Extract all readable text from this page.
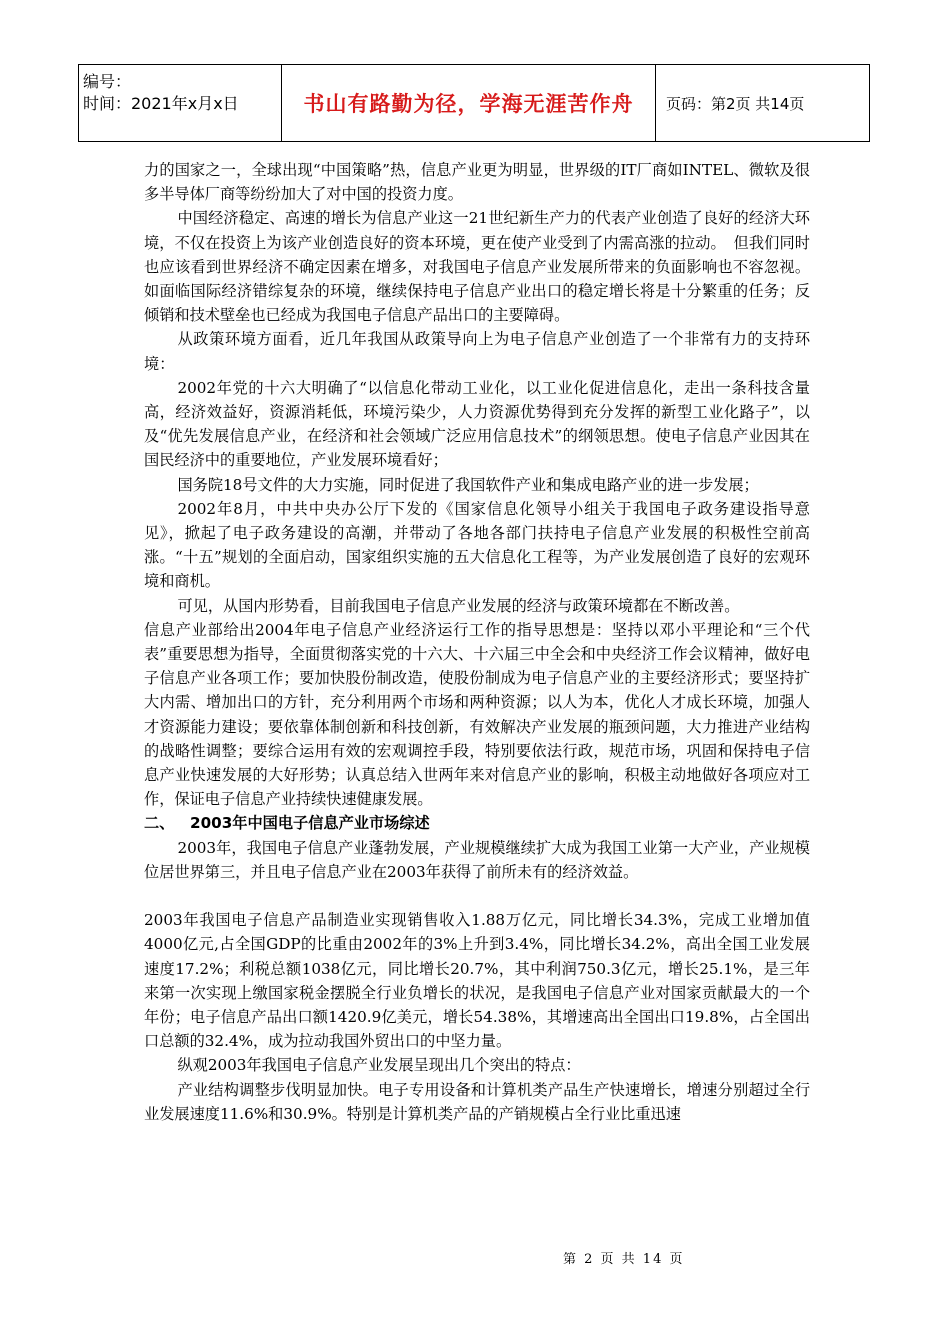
编号：
时间：2021年x月x日	书山有路勤为径，学海无涯苦作舟	页码：第2页 共14页

力的国家之一，全球出现“中国策略”热，信息产业更为明显，世界级的IT厂商如INTEL、微软及很多半导体厂商等纷纷加大了对中国的投资力度。

中国经济稳定、高速的增长为信息产业这一21世纪新生产力的代表产业创造了良好的经济大环境，不仅在投资上为该产业创造良好的资本环境，更在使产业受到了内需高涨的拉动。　但我们同时也应该看到世界经济不确定因素在增多，对我国电子信息产业发展所带来的负面影响也不容忽视。如面临国际经济错综复杂的环境，继续保持电子信息产业出口的稳定增长将是十分繁重的任务；反倾销和技术壁垒也已经成为我国电子信息产品出口的主要障碍。

从政策环境方面看，近几年我国从政策导向上为电子信息产业创造了一个非常有力的支持环境：

2002年党的十六大明确了“以信息化带动工业化，以工业化促进信息化，走出一条科技含量高，经济效益好，资源消耗低，环境污染少，人力资源优势得到充分发挥的新型工业化路子”，以及“优先发展信息产业，在经济和社会领域广泛应用信息技术”的纲领思想。使电子信息产业因其在国民经济中的重要地位，产业发展环境看好；

国务院18号文件的大力实施，同时促进了我国软件产业和集成电路产业的进一步发展；

2002年8月，中共中央办公厅下发的《国家信息化领导小组关于我国电子政务建设指导意见》，掀起了电子政务建设的高潮，并带动了各地各部门扶持电子信息产业发展的积极性空前高涨。“十五”规划的全面启动，国家组织实施的五大信息化工程等，为产业发展创造了良好的宏观环境和商机。

可见，从国内形势看，目前我国电子信息产业发展的经济与政策环境都在不断改善。

信息产业部给出2004年电子信息产业经济运行工作的指导思想是：坚持以邓小平理论和“三个代表”重要思想为指导，全面贯彻落实党的十六大、十六届三中全会和中央经济工作会议精神，做好电子信息产业各项工作；要加快股份制改造，使股份制成为电子信息产业的主要经济形式；要坚持扩大内需、增加出口的方针，充分利用两个市场和两种资源；以人为本，优化人才成长环境，加强人才资源能力建设；要依靠体制创新和科技创新，有效解决产业发展的瓶颈问题，大力推进产业结构的战略性调整；要综合运用有效的宏观调控手段，特别要依法行政，规范市场，巩固和保持电子信息产业快速发展的大好形势；认真总结入世两年来对信息产业的影响，积极主动地做好各项应对工作，保证电子信息产业持续快速健康发展。

二、 2003年中国电子信息产业市场综述

2003年，我国电子信息产业蓬勃发展，产业规模继续扩大成为我国工业第一大产业，产业规模位居世界第三，并且电子信息产业在2003年获得了前所未有的经济效益。

2003年我国电子信息产品制造业实现销售收入1.88万亿元，同比增长34.3%，完成工业增加值4000亿元,占全国GDP的比重由2002年的3%上升到3.4%，同比增长34.2%，高出全国工业发展速度17.2%；利税总额1038亿元，同比增长20.7%，其中利润750.3亿元，增长25.1%，是三年来第一次实现上缴国家税金摆脱全行业负增长的状况，是我国电子信息产业对国家贡献最大的一个年份；电子信息产品出口额1420.9亿美元，增长54.38%，其增速高出全国出口19.8%，占全国出口总额的32.4%，成为拉动我国外贸出口的中坚力量。

纵观2003年我国电子信息产业发展呈现出几个突出的特点：

产业结构调整步伐明显加快。电子专用设备和计算机类产品生产快速增长，增速分别超过全行业发展速度11.6%和30.9%。特别是计算机类产品的产销规模占全行业比重迅速

第 2 页 共 14 页
